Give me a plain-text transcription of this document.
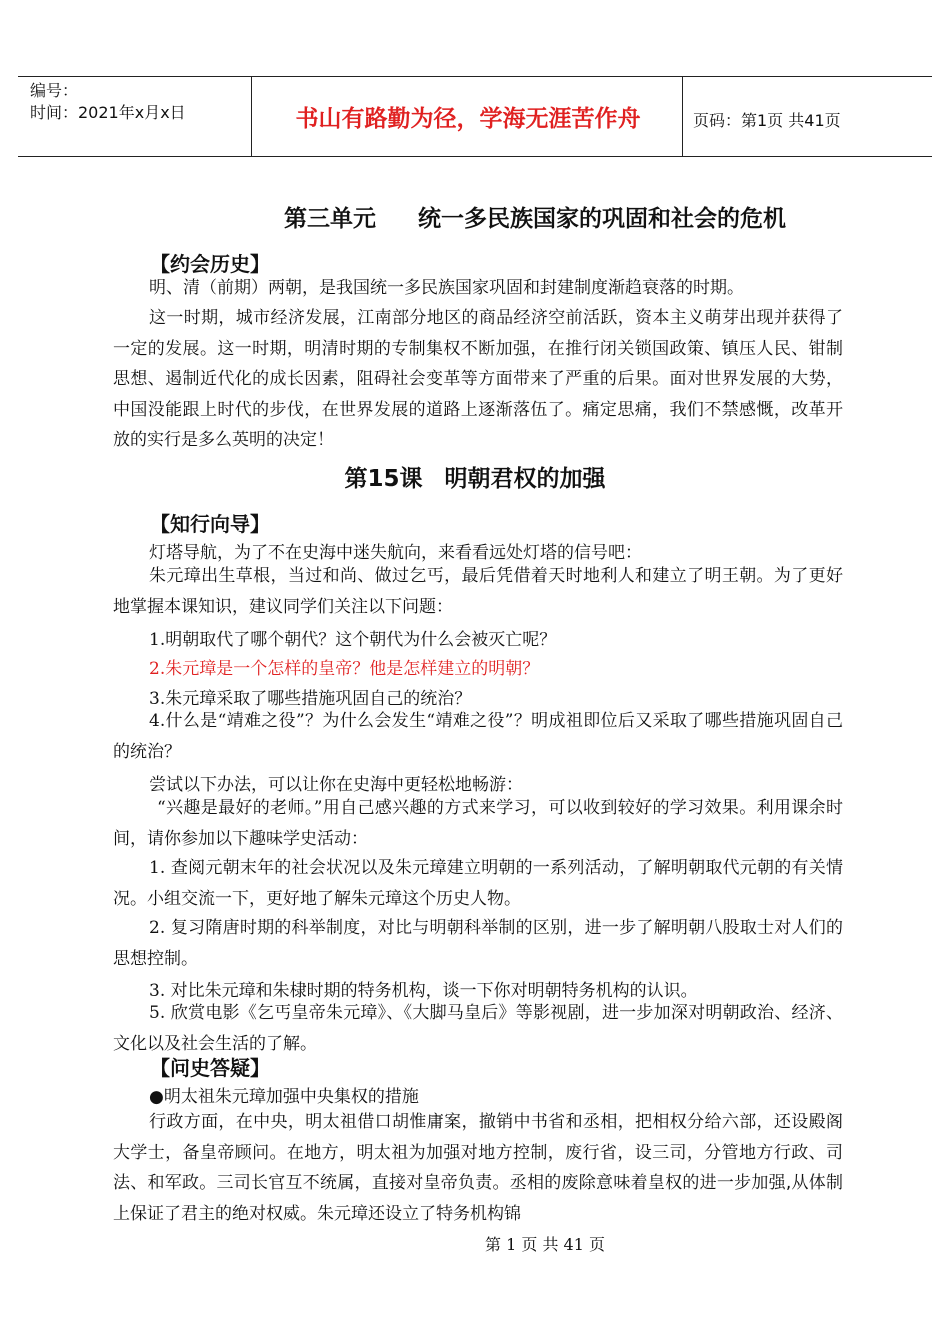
编号：
时间：2021年x月x日	书山有路勤为径，学海无涯苦作舟	页码：第1页 共41页
第三单元 统一多民族国家的巩固和社会的危机
【约会历史】

明、清（前期）两朝，是我国统一多民族国家巩固和封建制度渐趋衰落的时期。

这一时期，城市经济发展，江南部分地区的商品经济空前活跃，资本主义萌芽出现并获得了一定的发展。这一时期，明清时期的专制集权不断加强，在推行闭关锁国政策、镇压人民、钳制思想、遏制近代化的成长因素，阻碍社会变革等方面带来了严重的后果。面对世界发展的大势，中国没能跟上时代的步伐，在世界发展的道路上逐渐落伍了。痛定思痛，我们不禁感慨，改革开放的实行是多么英明的决定！

第15课 明朝君权的加强
【知行向导】
灯塔导航，为了不在史海中迷失航向，来看看远处灯塔的信号吧：

朱元璋出生草根，当过和尚、做过乞丐，最后凭借着天时地利人和建立了明王朝。为了更好地掌握本课知识，建议同学们关注以下问题：

1.明朝取代了哪个朝代？这个朝代为什么会被灭亡呢？
2.朱元璋是一个怎样的皇帝？他是怎样建立的明朝？
3.朱元璋采取了哪些措施巩固自己的统治？

4.什么是“靖难之役”？为什么会发生“靖难之役”？明成祖即位后又采取了哪些措施巩固自己的统治？

尝试以下办法，可以让你在史海中更轻松地畅游：

“兴趣是最好的老师。”用自己感兴趣的方式来学习，可以收到较好的学习效果。利用课余时间，请你参加以下趣味学史活动：

1. 查阅元朝末年的社会状况以及朱元璋建立明朝的一系列活动，了解明朝取代元朝的有关情况。小组交流一下，更好地了解朱元璋这个历史人物。

2. 复习隋唐时期的科举制度，对比与明朝科举制的区别，进一步了解明朝八股取士对人们的思想控制。

3. 对比朱元璋和朱棣时期的特务机构，谈一下你对明朝特务机构的认识。

5. 欣赏电影《乞丐皇帝朱元璋》、《大脚马皇后》等影视剧，进一步加深对明朝政治、经济、文化以及社会生活的了解。

【问史答疑】
●明太祖朱元璋加强中央集权的措施

行政方面，在中央，明太祖借口胡惟庸案，撤销中书省和丞相，把相权分给六部，还设殿阁大学士，备皇帝顾问。在地方，明太祖为加强对地方控制，废行省，设三司，分管地方行政、司法、和军政。三司长官互不统属，直接对皇帝负责。丞相的废除意味着皇权的进一步加强,从体制上保证了君主的绝对权威。朱元璋还设立了特务机构锦

第 1 页 共 41 页
